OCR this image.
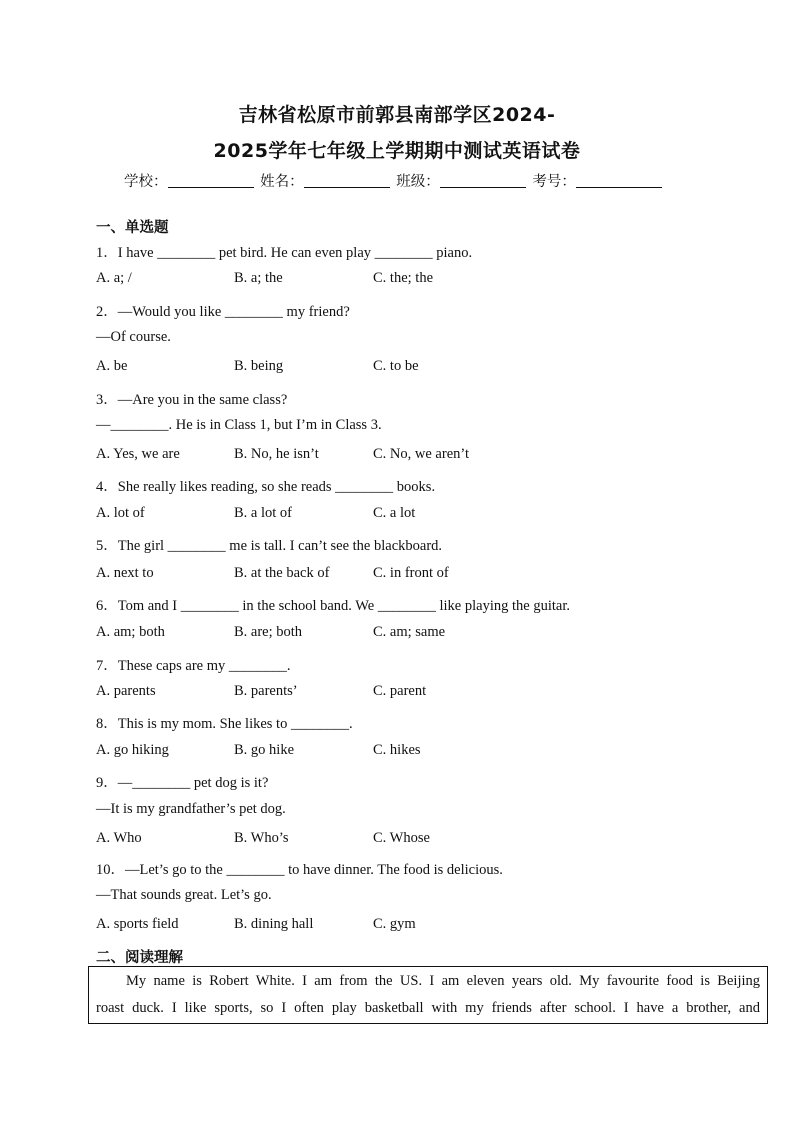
吉林省松原市前郭县南部学区2024-
2025学年七年级上学期期中测试英语试卷
学校：	姓名：	班级：	考号：
一、单选题
1．I have ________ pet bird. He can even play ________ piano.
A. a; /	B. a; the	C. the; the
2．—Would you like ________ my friend?
—Of course.
A. be	B. being	C. to be
3．—Are you in the same class?
—________. He is in Class 1, but I’m in Class 3.
A. Yes, we are	B. No, he isn’t	C. No, we aren’t
4．She really likes reading, so she reads ________ books.
A. lot of	B. a lot of	C. a lot
5．The girl ________ me is tall. I can’t see the blackboard.
A. next to	B. at the back of	C. in front of
6．Tom and I ________ in the school band. We ________ like playing the guitar.
A. am; both	B. are; both	C. am; same
7．These caps are my ________.
A. parents	B. parents’	C. parent
8．This is my mom. She likes to ________.
A. go hiking	B. go hike	C. hikes
9．—________ pet dog is it?
—It is my grandfather’s pet dog.
A. Who	B. Who’s	C. Whose
10．—Let’s go to the ________ to have dinner. The food is delicious.
—That sounds great. Let’s go.
A. sports field	B. dining hall	C. gym
二、阅读理解
My name is Robert White. I am from the US. I am eleven years old. My favourite food is Beijing
roast duck. I like sports, so I often play basketball with my friends after school. I have a brother, and
